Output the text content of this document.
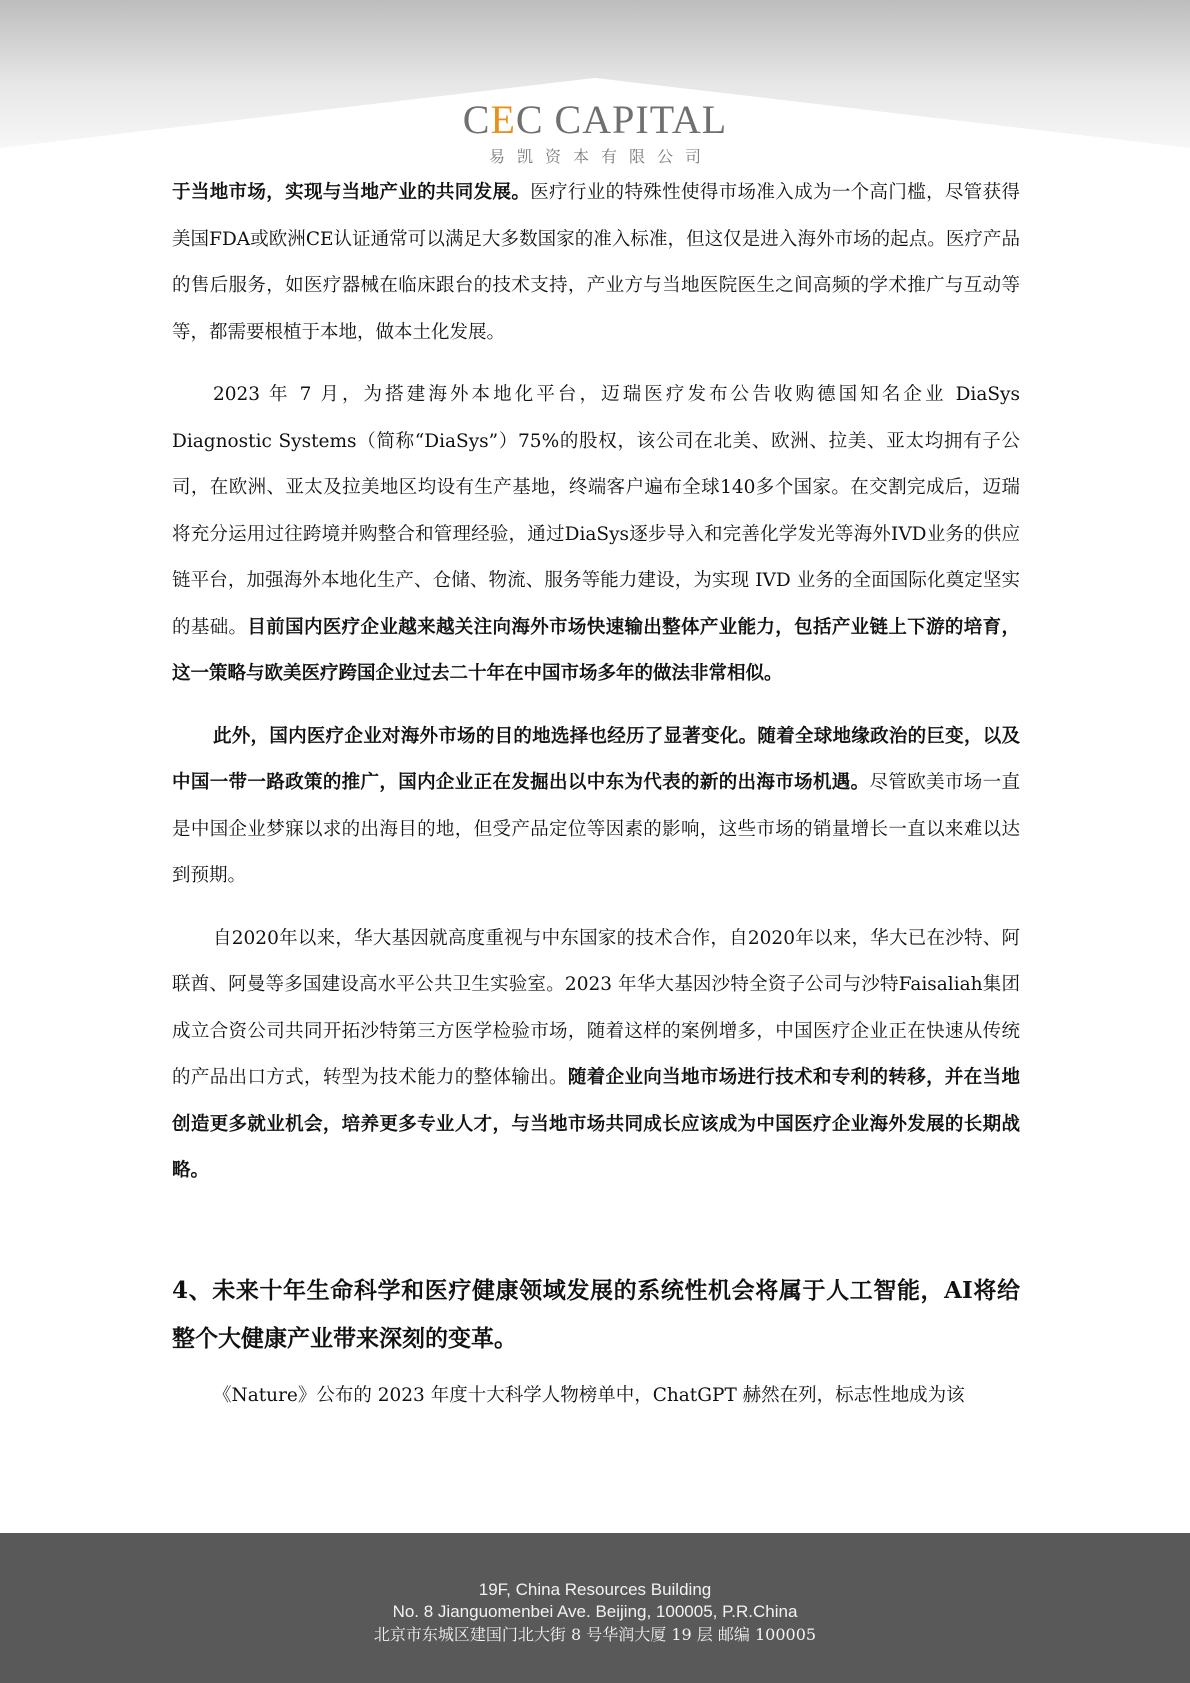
CEC CAPITAL
易凯资本有限公司

于当地市场，实现与当地产业的共同发展。医疗行业的特殊性使得市场准入成为一个高门槛，尽管获得美国FDA或欧洲CE认证通常可以满足大多数国家的准入标准，但这仅是进入海外市场的起点。医疗产品的售后服务，如医疗器械在临床跟台的技术支持，产业方与当地医院医生之间高频的学术推广与互动等等，都需要根植于本地，做本土化发展。

2023 年 7 月，为搭建海外本地化平台，迈瑞医疗发布公告收购德国知名企业 DiaSys Diagnostic Systems（简称“DiaSys”）75%的股权，该公司在北美、欧洲、拉美、亚太均拥有子公司，在欧洲、亚太及拉美地区均设有生产基地，终端客户遍布全球140多个国家。在交割完成后，迈瑞将充分运用过往跨境并购整合和管理经验，通过DiaSys逐步导入和完善化学发光等海外IVD业务的供应链平台，加强海外本地化生产、仓储、物流、服务等能力建设，为实现 IVD 业务的全面国际化奠定坚实的基础。目前国内医疗企业越来越关注向海外市场快速输出整体产业能力，包括产业链上下游的培育，这一策略与欧美医疗跨国企业过去二十年在中国市场多年的做法非常相似。

此外，国内医疗企业对海外市场的目的地选择也经历了显著变化。随着全球地缘政治的巨变，以及中国一带一路政策的推广，国内企业正在发掘出以中东为代表的新的出海市场机遇。尽管欧美市场一直是中国企业梦寐以求的出海目的地，但受产品定位等因素的影响，这些市场的销量增长一直以来难以达到预期。

自2020年以来，华大基因就高度重视与中东国家的技术合作，自2020年以来，华大已在沙特、阿联酋、阿曼等多国建设高水平公共卫生实验室。2023 年华大基因沙特全资子公司与沙特Faisaliah集团成立合资公司共同开拓沙特第三方医学检验市场，随着这样的案例增多，中国医疗企业正在快速从传统的产品出口方式，转型为技术能力的整体输出。随着企业向当地市场进行技术和专利的转移，并在当地创造更多就业机会，培养更多专业人才，与当地市场共同成长应该成为中国医疗企业海外发展的长期战略。

4、未来十年生命科学和医疗健康领域发展的系统性机会将属于人工智能，AI将给整个大健康产业带来深刻的变革。

《Nature》公布的 2023 年度十大科学人物榜单中，ChatGPT 赫然在列，标志性地成为该

19F, China Resources Building
No. 8 Jianguomenbei Ave. Beijing, 100005, P.R.China
北京市东城区建国门北大街 8 号华润大厦 19 层 邮编 100005
